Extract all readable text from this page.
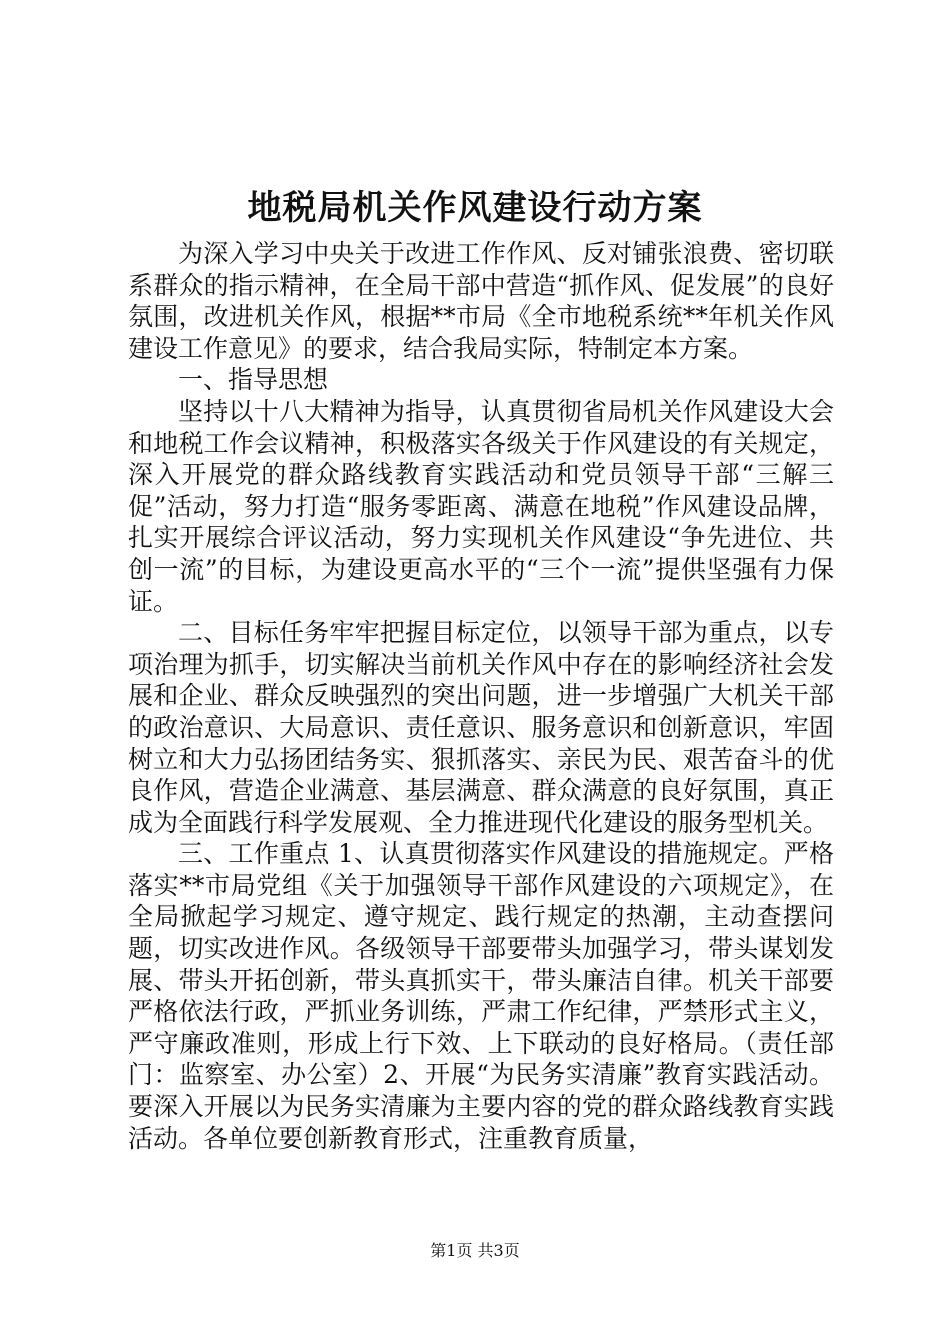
地税局机关作风建设行动方案

为深入学习中央关于改进工作作风、反对铺张浪费、密切联系群众的指示精神，在全局干部中营造“抓作风、促发展”的良好氛围，改进机关作风，根据**市局《全市地税系统**年机关作风建设工作意见》的要求，结合我局实际，特制定本方案。

一、指导思想

坚持以十八大精神为指导，认真贯彻省局机关作风建设大会和地税工作会议精神，积极落实各级关于作风建设的有关规定，深入开展党的群众路线教育实践活动和党员领导干部“三解三促”活动，努力打造“服务零距离、满意在地税”作风建设品牌，扎实开展综合评议活动，努力实现机关作风建设“争先进位、共创一流”的目标，为建设更高水平的“三个一流”提供坚强有力保证。

二、目标任务牢牢把握目标定位，以领导干部为重点，以专项治理为抓手，切实解决当前机关作风中存在的影响经济社会发展和企业、群众反映强烈的突出问题，进一步增强广大机关干部的政治意识、大局意识、责任意识、服务意识和创新意识，牢固树立和大力弘扬团结务实、狠抓落实、亲民为民、艰苦奋斗的优良作风，营造企业满意、基层满意、群众满意的良好氛围，真正成为全面践行科学发展观、全力推进现代化建设的服务型机关。

三、工作重点 1、认真贯彻落实作风建设的措施规定。严格落实**市局党组《关于加强领导干部作风建设的六项规定》，在全局掀起学习规定、遵守规定、践行规定的热潮，主动查摆问题，切实改进作风。各级领导干部要带头加强学习，带头谋划发展、带头开拓创新，带头真抓实干，带头廉洁自律。机关干部要严格依法行政，严抓业务训练，严肃工作纪律，严禁形式主义，严守廉政准则，形成上行下效、上下联动的良好格局。（责任部门：监察室、办公室）2、开展“为民务实清廉”教育实践活动。要深入开展以为民务实清廉为主要内容的党的群众路线教育实践活动。各单位要创新教育形式，注重教育质量，

第1页 共3页
